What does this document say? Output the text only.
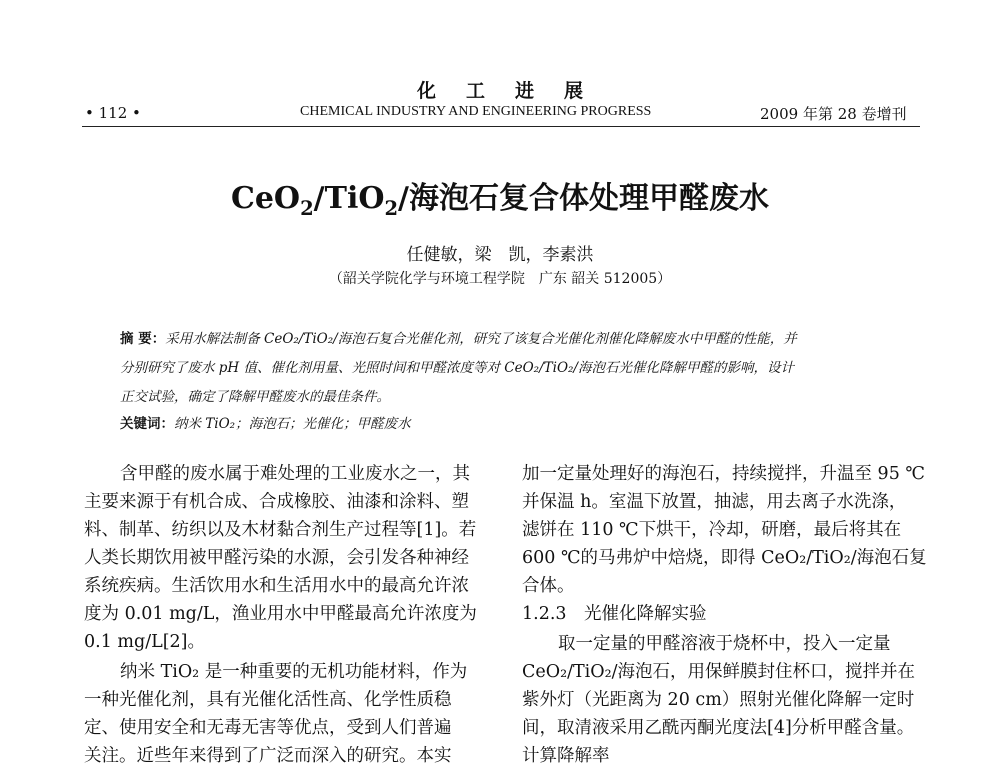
化工进展
• 112 •	CHEMICAL INDUSTRY AND ENGINEERING PROGRESS	2009 年第 28 卷增刊
CeO$_2$/TiO$_2$/海泡石复合体处理甲醛废水
任健敏，梁　凯，李素洪
（韶关学院化学与环境工程学院　广东 韶关 512005）
摘 要：采用水解法制备 CeO₂/TiO₂/海泡石复合光催化剂，研究了该复合光催化剂催化降解废水中甲醛的性能，并
分别研究了废水 pH 值、催化剂用量、光照时间和甲醛浓度等对 CeO₂/TiO₂/海泡石光催化降解甲醛的影响，设计
正交试验，确定了降解甲醛废水的最佳条件。
关键词：纳米 TiO₂；海泡石；光催化；甲醛废水
含甲醛的废水属于难处理的工业废水之一，其
主要来源于有机合成、合成橡胶、油漆和涂料、塑
料、制革、纺织以及木材黏合剂生产过程等[1]。若
人类长期饮用被甲醛污染的水源，会引发各种神经
系统疾病。生活饮用水和生活用水中的最高允许浓
度为 0.01 mg/L，渔业用水中甲醛最高允许浓度为
0.1 mg/L[2]。
纳米 TiO₂ 是一种重要的无机功能材料，作为
一种光催化剂，具有光催化活性高、化学性质稳
定、使用安全和无毒无害等优点，受到人们普遍
关注。近些年来得到了广泛而深入的研究。本实
加一定量处理好的海泡石，持续搅拌，升温至 95 ℃
并保温 h。室温下放置，抽滤，用去离子水洗涤，
滤饼在 110 ℃下烘干，冷却，研磨，最后将其在
600 ℃的马弗炉中焙烧，即得 CeO₂/TiO₂/海泡石复
合体。
1.2.3　光催化降解实验
取一定量的甲醛溶液于烧杯中，投入一定量
CeO₂/TiO₂/海泡石，用保鲜膜封住杯口，搅拌并在
紫外灯（光距离为 20 cm）照射光催化降解一定时
间，取清液采用乙酰丙酮光度法[4]分析甲醛含量。
计算降解率
